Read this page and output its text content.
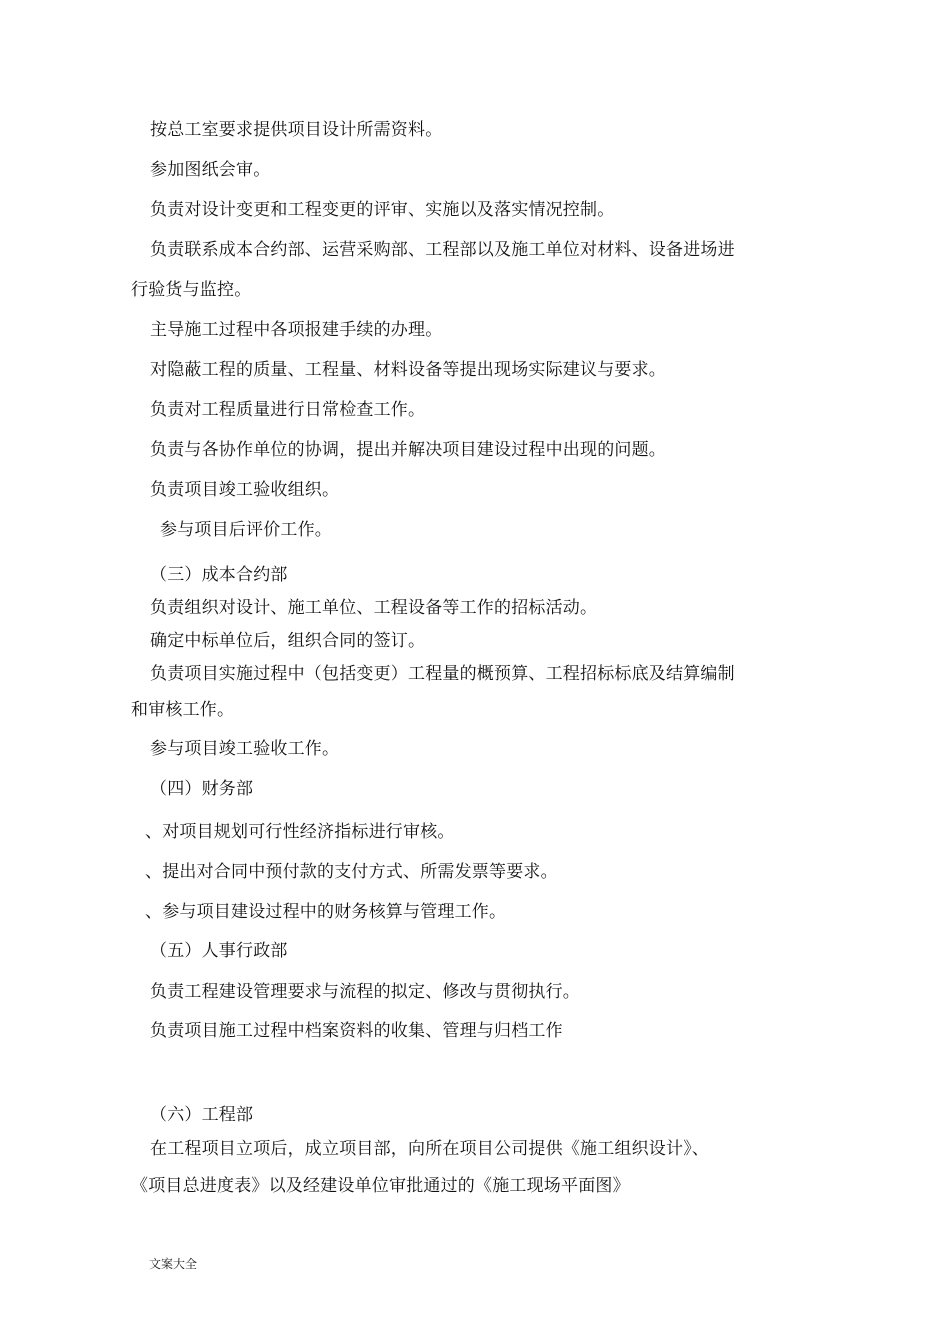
按总工室要求提供项目设计所需资料。
参加图纸会审。
负责对设计变更和工程变更的评审、实施以及落实情况控制。
负责联系成本合约部、运营采购部、工程部以及施工单位对材料、设备进场进
行验货与监控。
主导施工过程中各项报建手续的办理。
对隐蔽工程的质量、工程量、材料设备等提出现场实际建议与要求。
负责对工程质量进行日常检查工作。
负责与各协作单位的协调，提出并解决项目建设过程中出现的问题。
负责项目竣工验收组织。
参与项目后评价工作。
（三）成本合约部
负责组织对设计、施工单位、工程设备等工作的招标活动。
确定中标单位后，组织合同的签订。
负责项目实施过程中（包括变更）工程量的概预算、工程招标标底及结算编制
和审核工作。
参与项目竣工验收工作。
（四）财务部
、对项目规划可行性经济指标进行审核。
、提出对合同中预付款的支付方式、所需发票等要求。
、参与项目建设过程中的财务核算与管理工作。
（五）人事行政部
负责工程建设管理要求与流程的拟定、修改与贯彻执行。
负责项目施工过程中档案资料的收集、管理与归档工作
（六）工程部
在工程项目立项后，成立项目部，向所在项目公司提供《施工组织设计》、
《项目总进度表》以及经建设单位审批通过的《施工现场平面图》
文案大全
